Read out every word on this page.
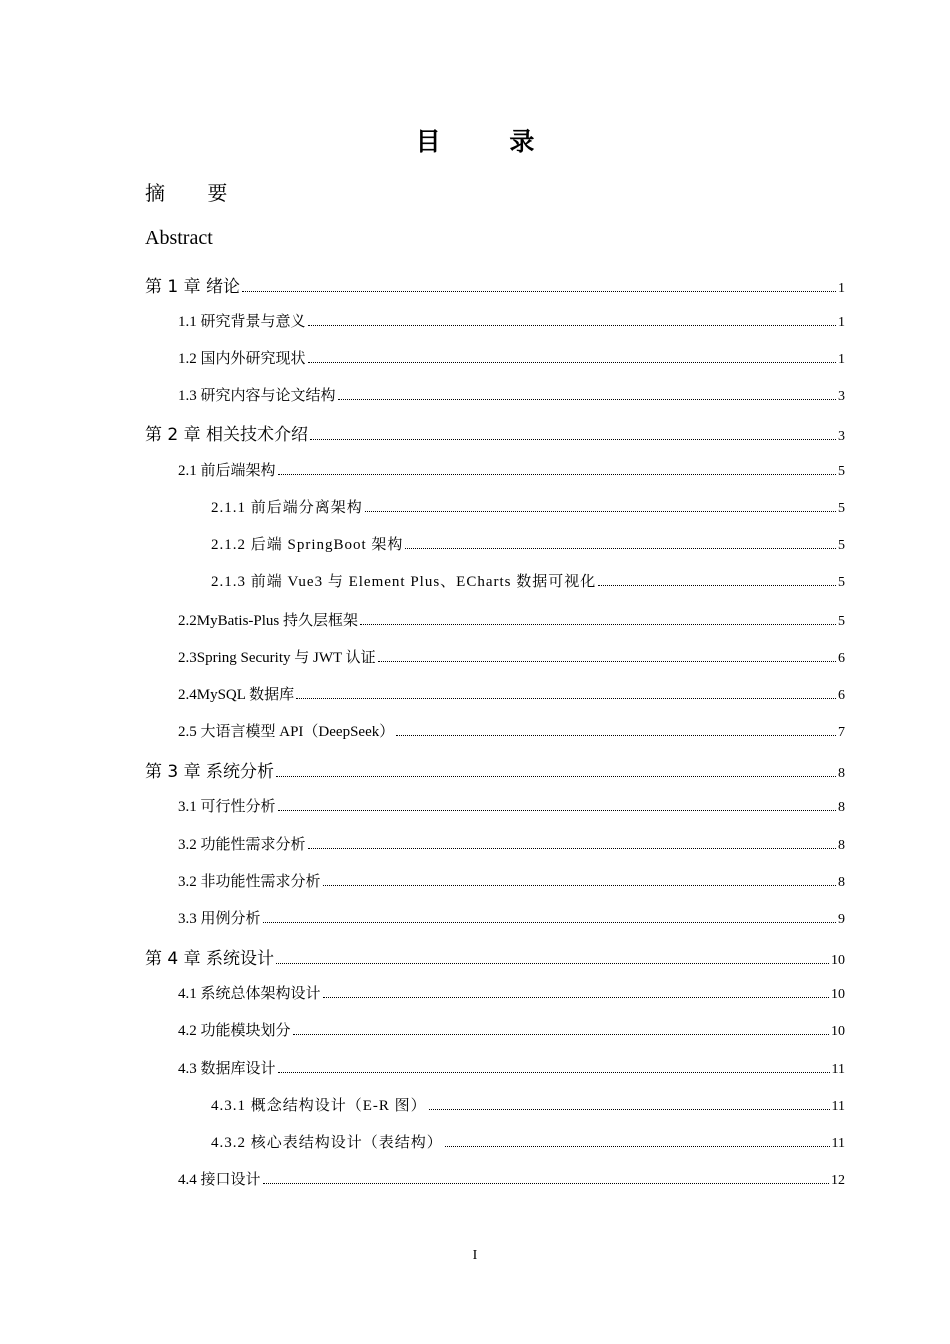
目 录
摘 要
Abstract
第 1 章 绪论	1
1.1 研究背景与意义	1
1.2 国内外研究现状	1
1.3 研究内容与论文结构	3
第 2 章 相关技术介绍	3
2.1 前后端架构	5
2.1.1 前后端分离架构	5
2.1.2 后端 SpringBoot 架构	5
2.1.3 前端 Vue3 与 Element Plus、ECharts 数据可视化	5
2.2MyBatis-Plus 持久层框架	5
2.3Spring Security 与 JWT 认证	6
2.4MySQL 数据库	6
2.5 大语言模型 API（DeepSeek）	7
第 3 章 系统分析	8
3.1 可行性分析	8
3.2 功能性需求分析	8
3.2 非功能性需求分析	8
3.3 用例分析	9
第 4 章 系统设计	10
4.1 系统总体架构设计	10
4.2 功能模块划分	10
4.3 数据库设计	11
4.3.1 概念结构设计（E-R 图）	11
4.3.2 核心表结构设计（表结构）	11
4.4 接口设计	12
I
